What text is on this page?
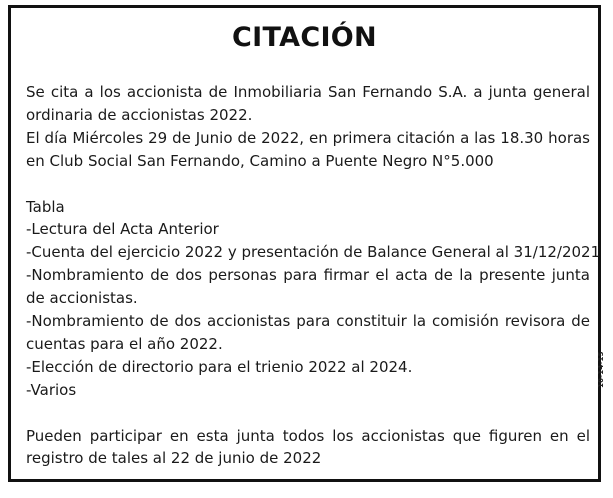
CITACIÓN

Se cita a los accionista de Inmobiliaria San Fernando S.A. a junta general ordinaria de accionistas 2022.

El día Miércoles 29 de Junio de 2022, en primera citación a las 18.30 horas en Club Social San Fernando, Camino a Puente Negro N°5.000

Tabla

-Lectura del Acta Anterior

-Cuenta del ejercicio 2022 y presentación de Balance General al 31/12/2021

-Nombramiento de dos personas para firmar el acta de la presente junta de accionistas.

-Nombramiento de dos accionistas para constituir la comisión revisora de cuentas para el año 2022.

-Elección de directorio para el trienio 2022 al 2024.

-Varios

Pueden participar en esta junta todos los accionistas que figuren en el registro de tales al 22 de junio de 2022

10-14-15
